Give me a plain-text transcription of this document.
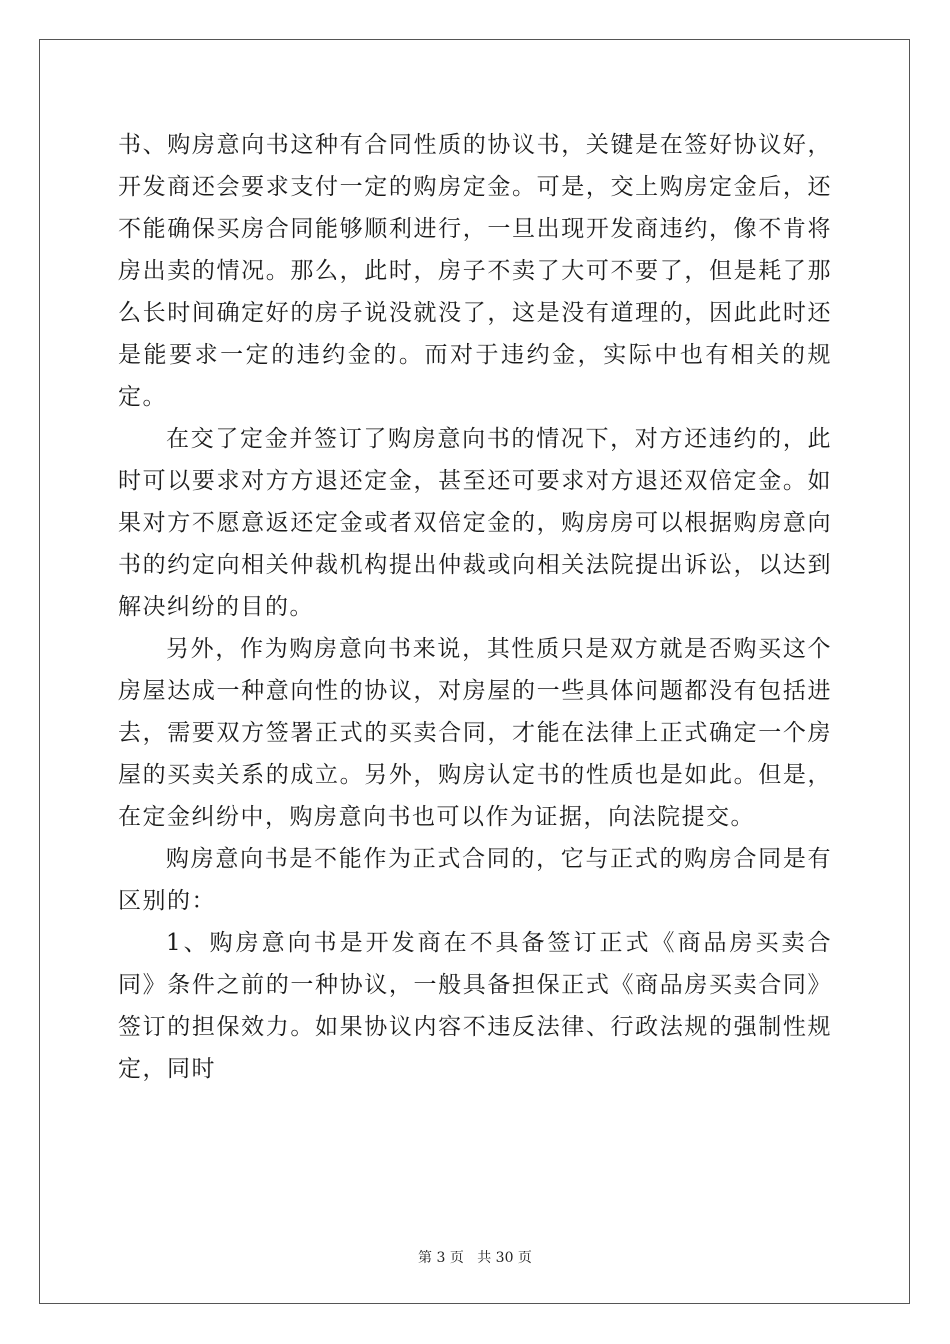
书、购房意向书这种有合同性质的协议书，关键是在签好协议好，开发商还会要求支付一定的购房定金。可是，交上购房定金后，还不能确保买房合同能够顺利进行，一旦出现开发商违约，像不肯将房出卖的情况。那么，此时，房子不卖了大可不要了，但是耗了那么长时间确定好的房子说没就没了，这是没有道理的，因此此时还是能要求一定的违约金的。而对于违约金，实际中也有相关的规定。

在交了定金并签订了购房意向书的情况下，对方还违约的，此时可以要求对方方退还定金，甚至还可要求对方退还双倍定金。如果对方不愿意返还定金或者双倍定金的，购房房可以根据购房意向书的约定向相关仲裁机构提出仲裁或向相关法院提出诉讼，以达到解决纠纷的目的。

另外，作为购房意向书来说，其性质只是双方就是否购买这个房屋达成一种意向性的协议，对房屋的一些具体问题都没有包括进去，需要双方签署正式的买卖合同，才能在法律上正式确定一个房屋的买卖关系的成立。另外，购房认定书的性质也是如此。但是，在定金纠纷中，购房意向书也可以作为证据，向法院提交。

购房意向书是不能作为正式合同的，它与正式的购房合同是有区别的：

1、购房意向书是开发商在不具备签订正式《商品房买卖合同》条件之前的一种协议，一般具备担保正式《商品房买卖合同》签订的担保效力。如果协议内容不违反法律、行政法规的强制性规定，同时

第 3 页 共 30 页
